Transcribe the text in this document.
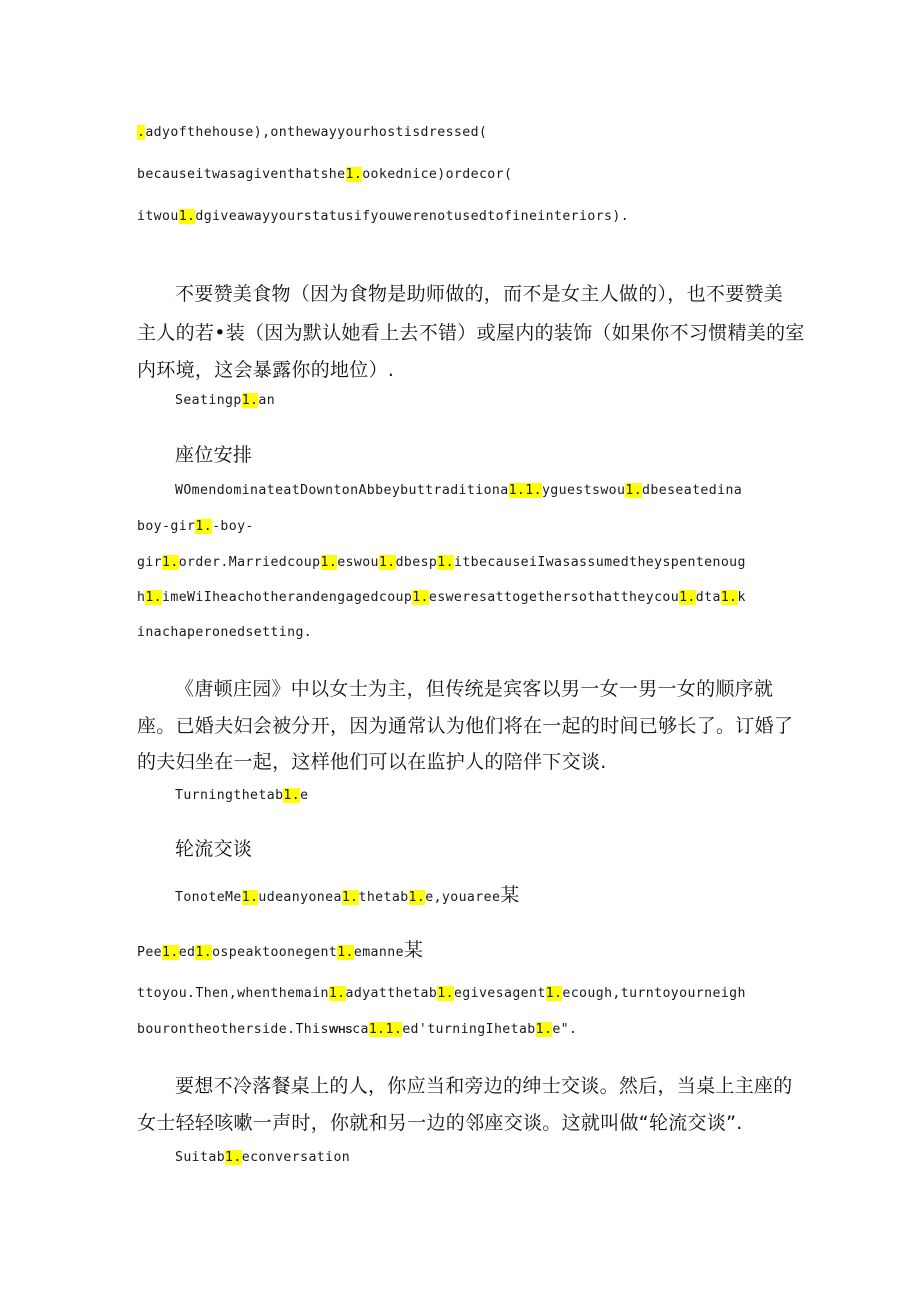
.adyofthehouse),onthewayyourhostisdressed(

becauseitwasagiventhatshe1.ookednice)ordecor(

itwou1.dgiveawayyourstatusifyouwerenotusedtofineinteriors).

不要赞美食物（因为食物是助师做的，而不是女主人做的），也不要赞美

主人的若•装（因为默认她看上去不错）或屋内的装饰（如果你不习惯精美的室

内环境，这会暴露你的地位）.

Seatingp1.an

座位安排

WOmendominateatDowntonAbbeybuttraditiona1.1.yguestswou1.dbeseatedina

boy-gir1.-boy-

gir1.order.Marriedcoup1.eswou1.dbesp1.itbecauseiIwasassumedtheyspentenoug

h1.imeWiIheachotherandengagedcoup1.esweresattogethersothattheycou1.dta1.k

inachaperonedsetting.

《唐顿庄园》中以女士为主，但传统是宾客以男一女一男一女的顺序就

座。已婚夫妇会被分开，因为通常认为他们将在一起的时间已够长了。订婚了

的夫妇坐在一起，这样他们可以在监护人的陪伴下交谈.

Turningthetab1.e

轮流交谈

TonoteMe1.udeanyonea1.thetab1.e,youaree某

Pee1.ed1.ospeaktoonegent1.emanne某

ttoyou.Then,whenthemain1.adyatthetab1.egivesagent1.ecough,turntoyourneigh

bourontheotherside.ThisWHSca1.1.ed'turningIhetab1.e".

要想不冷落餐桌上的人，你应当和旁边的绅士交谈。然后，当桌上主座的

女士轻轻咳嗽一声时，你就和另一边的邻座交谈。这就叫做“轮流交谈”.

Suitab1.econversation
